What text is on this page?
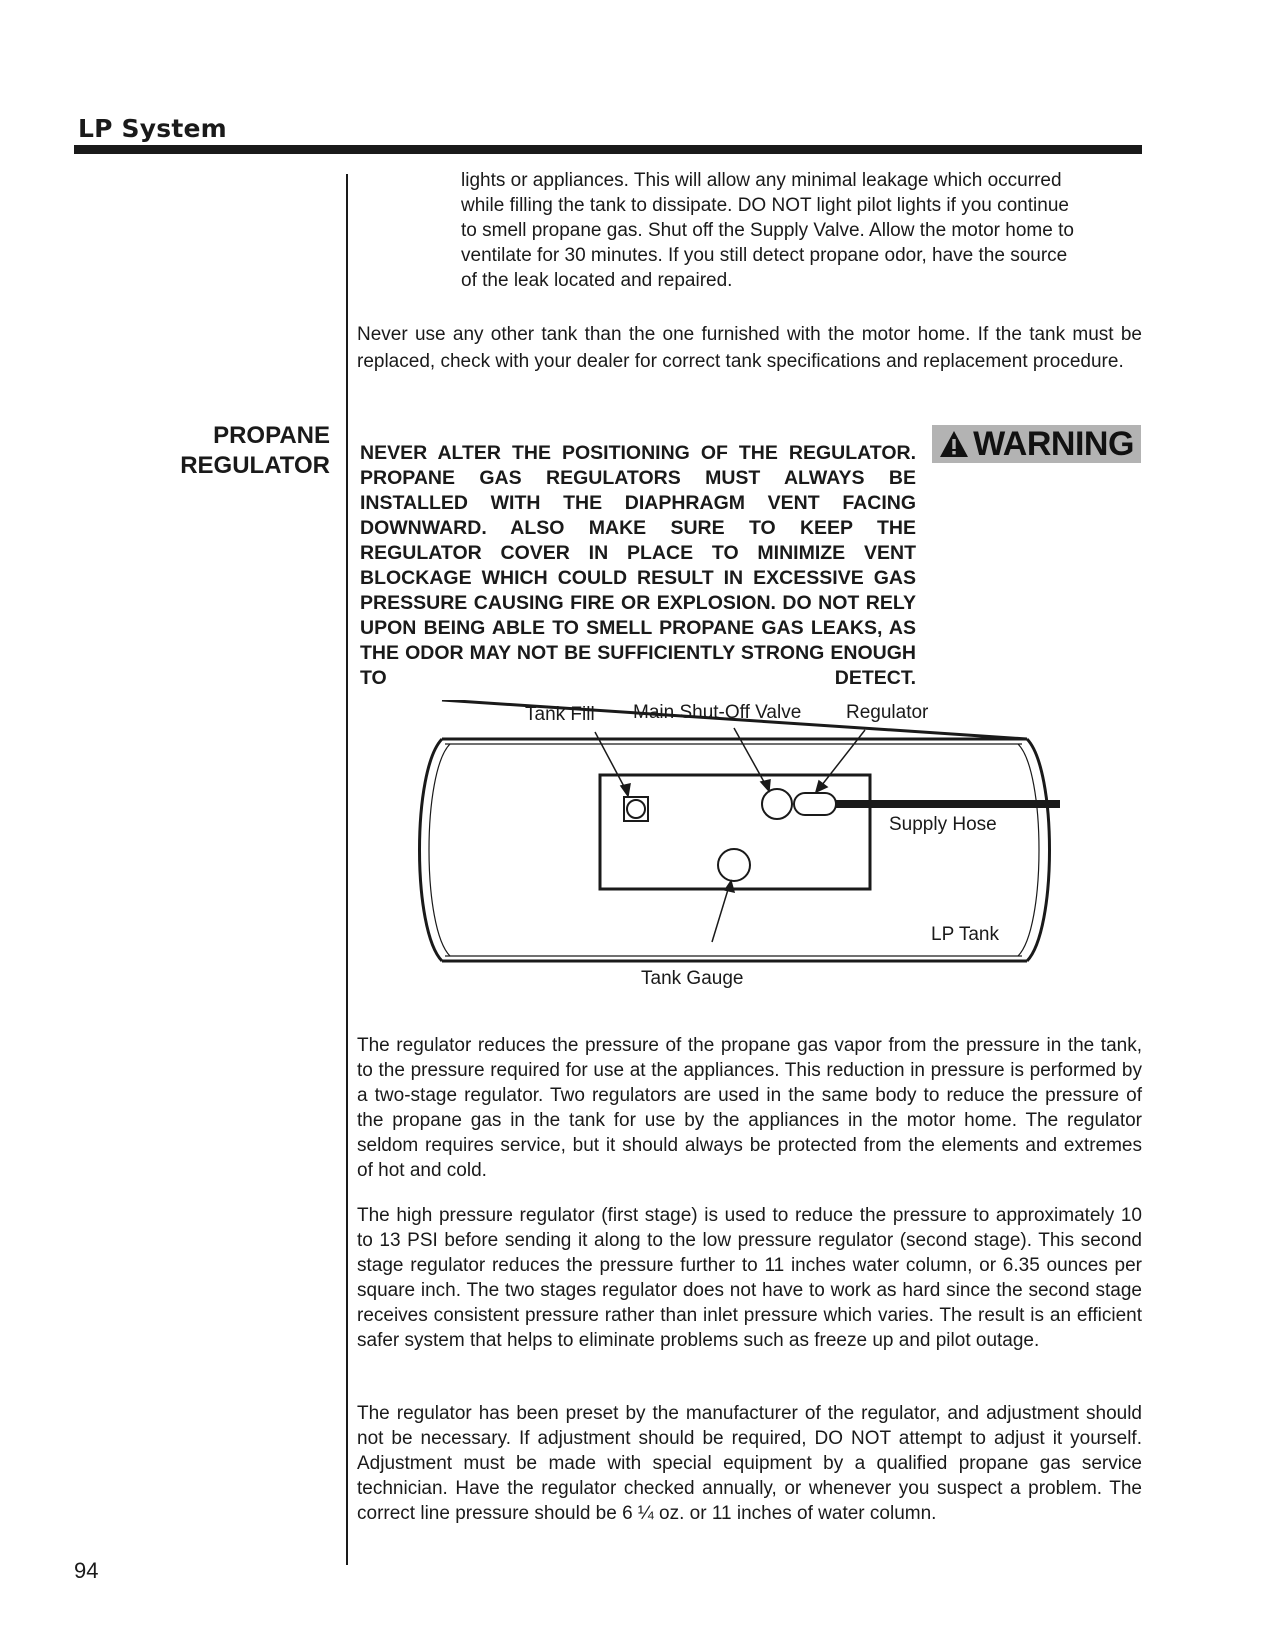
LP System
lights or appliances. This will allow any minimal leakage which occurred
while filling the tank to dissipate. DO NOT light pilot lights if you continue
to smell propane gas. Shut off the Supply Valve. Allow the motor home to
ventilate for 30 minutes. If you still detect propane odor, have the source
of the leak located and repaired.

Never use any other tank than the one furnished with the motor home. If the tank must be replaced, check with your dealer for correct tank specifications and replacement procedure.

PROPANE
REGULATOR NEVER ALTER THE POSITIONING OF THE REGULATOR. PROPANE GAS REGULATORS MUST ALWAYS BE INSTALLED WITH THE DIAPHRAGM VENT FACING DOWNWARD. ALSO MAKE SURE TO KEEP THE REGULATOR COVER IN PLACE TO MINIMIZE VENT BLOCKAGE WHICH COULD RESULT IN EXCESSIVE GAS PRESSURE CAUSING FIRE OR EXPLOSION. DO NOT RELY UPON BEING ABLE TO SMELL PROPANE GAS LEAKS, AS THE ODOR MAY NOT BE SUFFICIENTLY STRONG ENOUGH TO DETECT.

WARNING
Tank Fill Main Shut-Off Valve Regulator
Supply Hose
LP Tank
Tank Gauge

The regulator reduces the pressure of the propane gas vapor from the pressure in the tank, to the pressure required for use at the appliances. This reduction in pressure is performed by a two-stage regulator. Two regulators are used in the same body to reduce the pressure of the propane gas in the tank for use by the appliances in the motor home. The regulator seldom requires service, but it should always be protected from the elements and extremes of hot and cold.

The high pressure regulator (first stage) is used to reduce the pressure to approximately 10 to 13 PSI before sending it along to the low pressure regulator (second stage). This second stage regulator reduces the pressure further to 11 inches water column, or 6.35 ounces per square inch. The two stages regulator does not have to work as hard since the second stage receives consistent pressure rather than inlet pressure which varies. The result is an efficient safer system that helps to eliminate problems such as freeze up and pilot outage.

The regulator has been preset by the manufacturer of the regulator, and adjustment should not be necessary. If adjustment should be required, DO NOT attempt to adjust it yourself. Adjustment must be made with special equipment by a qualified propane gas service technician. Have the regulator checked annually, or whenever you suspect a problem. The correct line pressure should be 6 ¼ oz. or 11 inches of water column.

94
